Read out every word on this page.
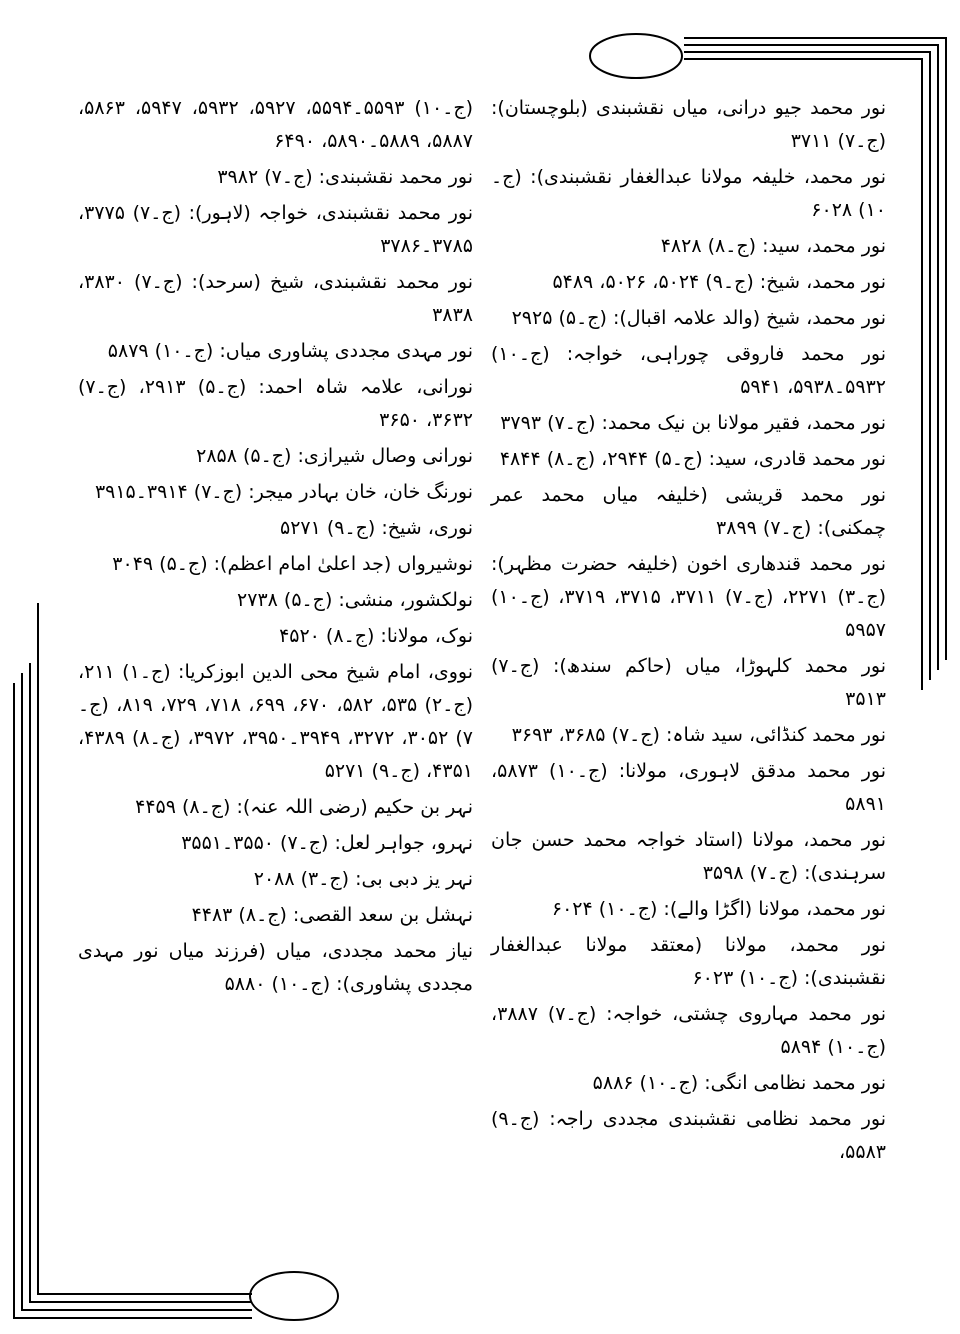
نور محمد جیو درانی، میاں نقشبندی (بلوچستان): (ج۔۷) ۳۷۱۱

نور محمد، خلیفہ مولانا عبدالغفار نقشبندی): (ج۔۱۰) ۶۰۲۸

نور محمد، سید: (ج۔۸) ۴۸۲۸

نور محمد، شیخ: (ج۔۹) ۵۰۲۴، ۵۰۲۶، ۵۴۸۹

نور محمد، شیخ (والد علامہ اقبال): (ج۔۵) ۲۹۲۵

نور محمد فاروقی چوراہی، خواجہ: (ج۔۱۰) ۵۹۳۲۔۵۹۳۸، ۵۹۴۱

نور محمد، فقیر مولانا بن نیک محمد: (ج۔۷) ۳۷۹۳

نور محمد قادری، سید: (ج۔۵) ۲۹۴۴، (ج۔۸) ۴۸۴۴

نور محمد قریشی (خلیفہ میاں محمد عمر چمکنی): (ج۔۷) ۳۸۹۹

نور محمد قندھاری اخون (خلیفہ حضرت مظہر): (ج۔۳) ۲۲۷۱، (ج۔۷) ۳۷۱۱، ۳۷۱۵، ۳۷۱۹، (ج۔۱۰) ۵۹۵۷

نور محمد کلہوڑا، میاں (حاکم سندھ): (ج۔۷) ۳۵۱۳

نور محمد کنڈائی، سید شاہ: (ج۔۷) ۳۶۸۵، ۳۶۹۳

نور محمد مدقق لاہوری، مولانا: (ج۔۱۰) ۵۸۷۳، ۵۸۹۱

نور محمد، مولانا (استاد خواجہ محمد حسن جان سرہندی): (ج۔۷) ۳۵۹۸

نور محمد، مولانا (اگڑا والے): (ج۔۱۰) ۶۰۲۴

نور محمد، مولانا (معتقد مولانا عبدالغفار نقشبندی): (ج۔۱۰) ۶۰۲۳

نور محمد مہاروی چشتی، خواجہ: (ج۔۷) ۳۸۸۷، (ج۔۱۰) ۵۸۹۴

نور محمد نظامی انگی: (ج۔۱۰) ۵۸۸۶

نور محمد نظامی نقشبندی مجددی راجہ: (ج۔۹) ۵۵۸۳،

(ج۔۱۰) ۵۵۹۳۔۵۵۹۴، ۵۹۲۷، ۵۹۳۲، ۵۹۴۷، ۵۸۶۳، ۵۸۸۷، ۵۸۸۹۔۵۸۹۰، ۶۴۹۰

نور محمد نقشبندی: (ج۔۷) ۳۹۸۲

نور محمد نقشبندی، خواجہ (لاہور): (ج۔۷) ۳۷۷۵، ۳۷۸۵۔۳۷۸۶

نور محمد نقشبندی، شیخ (سرحد): (ج۔۷) ۳۸۳۰، ۳۸۳۸

نور مہدی مجددی پشاوری میاں: (ج۔۱۰) ۵۸۷۹

نورانی، علامہ شاہ احمد: (ج۔۵) ۲۹۱۳، (ج۔۷) ۳۶۳۲، ۳۶۵۰

نورانی وصال شیرازی: (ج۔۵) ۲۸۵۸

نورنگ خان، خان بہادر میجر: (ج۔۷) ۳۹۱۴۔۳۹۱۵

نوری، شیخ: (ج۔۹) ۵۲۷۱

نوشیرواں (جد اعلیٰ امام اعظم): (ج۔۵) ۳۰۴۹

نولکشور، منشی: (ج۔۵) ۲۷۳۸

نوک، مولانا: (ج۔۸) ۴۵۲۰

نووی، امام شیخ محی الدین ابوزکریا: (ج۔۱) ۲۱۱، (ج۔۲) ۵۳۵، ۵۸۲، ۶۷۰، ۶۹۹، ۷۱۸، ۷۲۹، ۸۱۹، (ج۔۷) ۳۰۵۲، ۳۲۷۲، ۳۹۴۹۔۳۹۵۰، ۳۹۷۲، (ج۔۸) ۴۳۸۹، ۴۳۵۱، (ج۔۹) ۵۲۷۱

نہر بن حکیم (رضی اللہ عنہ): (ج۔۸) ۴۴۵۹

نہرو، جواہر لعل: (ج۔۷) ۳۵۵۰۔۳۵۵۱

نہر یز دبی بی: (ج۔۳) ۲۰۸۸

نہشل بن سعد القصی: (ج۔۸) ۴۴۸۳

نیاز محمد مجددی، میاں (فرزند میاں نور مہدی مجددی پشاوری): (ج۔۱۰) ۵۸۸۰
